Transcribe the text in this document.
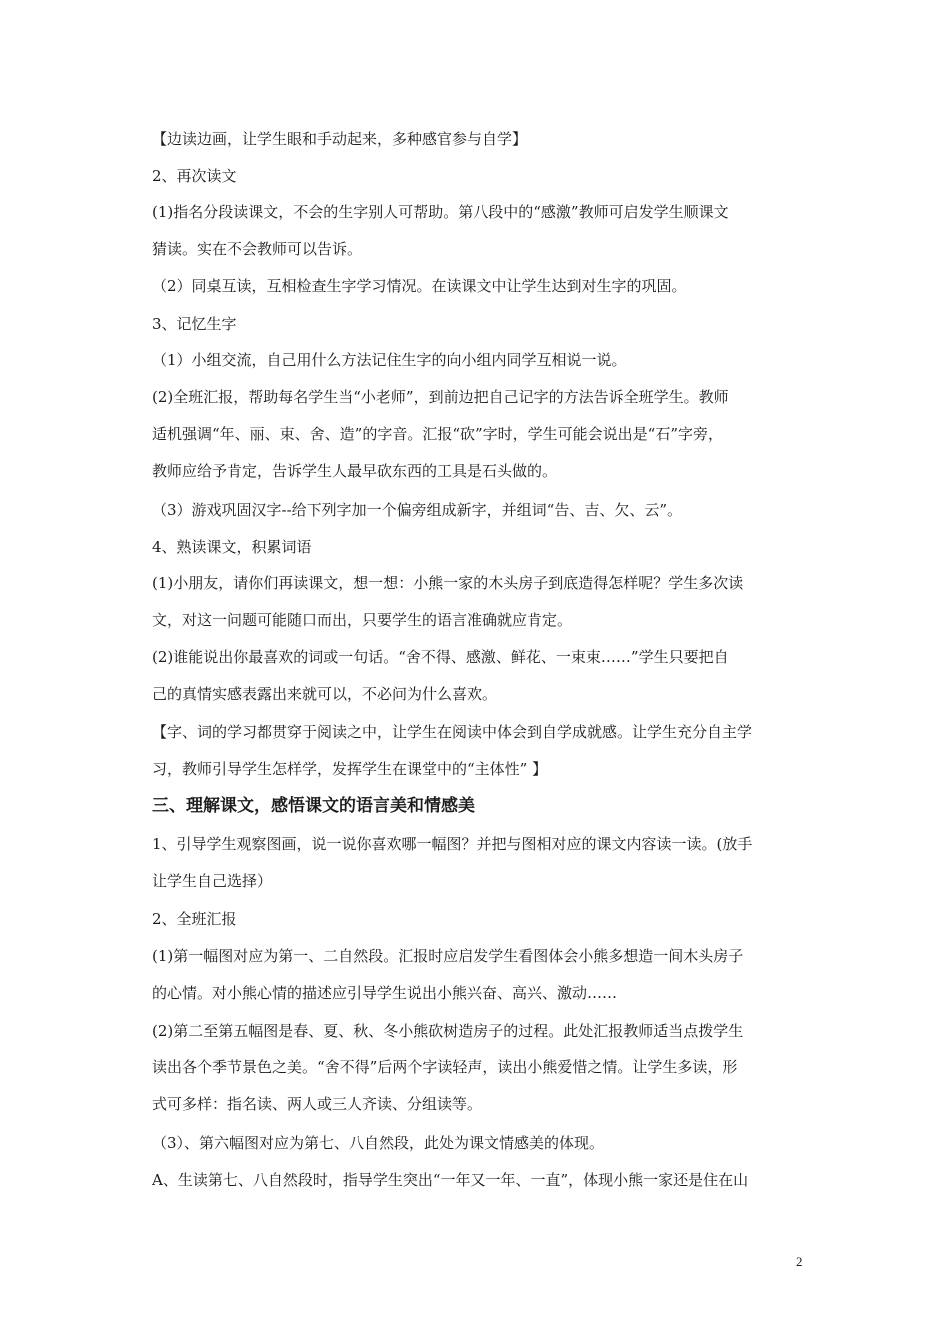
【边读边画，让学生眼和手动起来，多种感官参与自学】
2、再次读文
(1)指名分段读课文，不会的生字别人可帮助。第八段中的“感激”教师可启发学生顺课文
猜读。实在不会教师可以告诉。
（2）同桌互读，互相检查生字学习情况。在读课文中让学生达到对生字的巩固。
3、记忆生字
（1）小组交流，自己用什么方法记住生字的向小组内同学互相说一说。
(2)全班汇报，帮助每名学生当“小老师”，到前边把自己记字的方法告诉全班学生。教师
适机强调“年、丽、束、舍、造”的字音。汇报“砍”字时，学生可能会说出是“石”字旁，
教师应给予肯定，告诉学生人最早砍东西的工具是石头做的。
（3）游戏巩固汉字--给下列字加一个偏旁组成新字，并组词“告、吉、欠、云”。
4、熟读课文，积累词语
(1)小朋友，请你们再读课文，想一想：小熊一家的木头房子到底造得怎样呢？学生多次读
文，对这一问题可能随口而出，只要学生的语言准确就应肯定。
(2)谁能说出你最喜欢的词或一句话。“舍不得、感激、鲜花、一束束……”学生只要把自
己的真情实感表露出来就可以，不必问为什么喜欢。
【字、词的学习都贯穿于阅读之中，让学生在阅读中体会到自学成就感。让学生充分自主学
习，教师引导学生怎样学，发挥学生在课堂中的“主体性” 】
三、理解课文，感悟课文的语言美和情感美
1、引导学生观察图画，说一说你喜欢哪一幅图？并把与图相对应的课文内容读一读。(放手
让学生自己选择）
2、全班汇报
(1)第一幅图对应为第一、二自然段。汇报时应启发学生看图体会小熊多想造一间木头房子
的心情。对小熊心情的描述应引导学生说出小熊兴奋、高兴、激动……
(2)第二至第五幅图是春、夏、秋、冬小熊砍树造房子的过程。此处汇报教师适当点拨学生
读出各个季节景色之美。“舍不得”后两个字读轻声，读出小熊爱惜之情。让学生多读，形
式可多样：指名读、两人或三人齐读、分组读等。
（3）、第六幅图对应为第七、八自然段，此处为课文情感美的体现。
A、生读第七、八自然段时，指导学生突出“一年又一年、一直”，体现小熊一家还是住在山
2
